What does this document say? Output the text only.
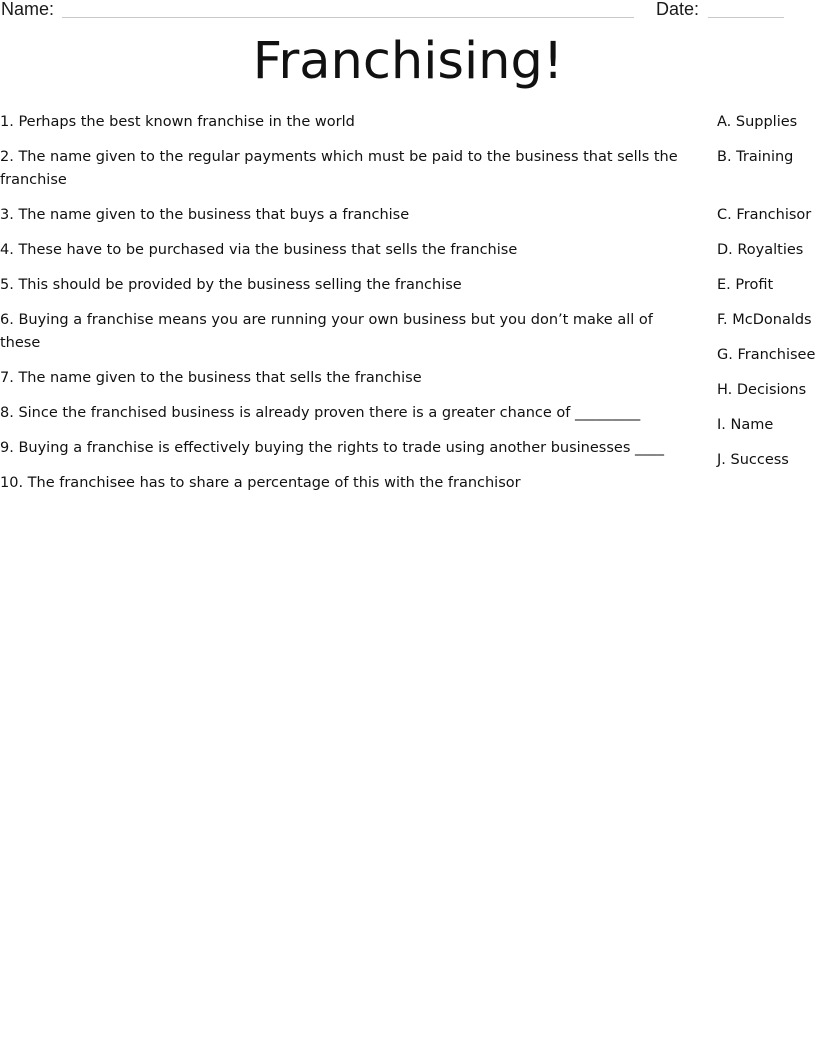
Name:	Date:
Franchising!
1. Perhaps the best known franchise in the world
2. The name given to the regular payments which must be paid to the business that sells the franchise
3. The name given to the business that buys a franchise
4. These have to be purchased via the business that sells the franchise
5. This should be provided by the business selling the franchise
6. Buying a franchise means you are running your own business but you don’t make all of these
7. The name given to the business that sells the franchise
8. Since the franchised business is already proven there is a greater chance of _________
9. Buying a franchise is effectively buying the rights to trade using another businesses ____
10. The franchisee has to share a percentage of this with the franchisor
A. Supplies
B. Training
C. Franchisor
D. Royalties
E. Profit
F. McDonalds
G. Franchisee
H. Decisions
I. Name
J. Success
